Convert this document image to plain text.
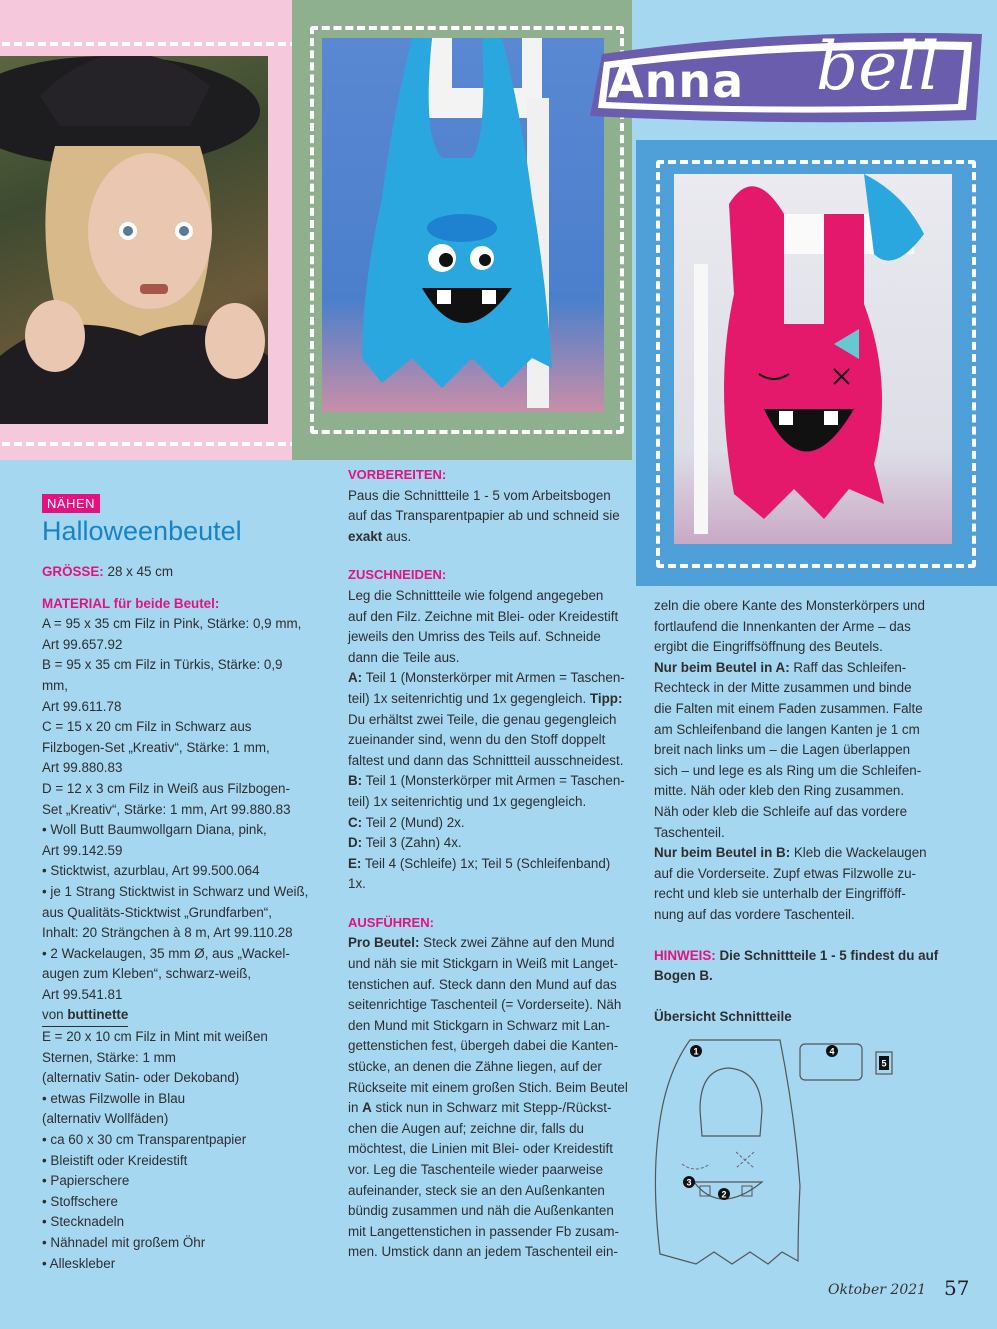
Anna bell
NÄHEN
Halloweenbeutel

GRÖSSE: 28 x 45 cm

MATERIAL für beide Beutel:

A = 95 x 35 cm Filz in Pink, Stärke: 0,9 mm,

Art 99.657.92

B = 95 x 35 cm Filz in Türkis, Stärke: 0,9 mm,

Art 99.611.78

C = 15 x 20 cm Filz in Schwarz aus

Filzbogen-Set „Kreativ“, Stärke: 1 mm,

Art 99.880.83

D = 12 x 3 cm Filz in Weiß aus Filzbogen-

Set „Kreativ“, Stärke: 1 mm, Art 99.880.83

• Woll Butt Baumwollgarn Diana, pink,

Art 99.142.59

• Sticktwist, azurblau, Art 99.500.064

• je 1 Strang Sticktwist in Schwarz und Weiß,

aus Qualitäts-Sticktwist „Grundfarben“,

Inhalt: 20 Strängchen à 8 m, Art 99.110.28

• 2 Wackelaugen, 35 mm Ø, aus „Wackel-

augen zum Kleben“, schwarz-weiß,

Art 99.541.81

von buttinette

E = 20 x 10 cm Filz in Mint mit weißen

Sternen, Stärke: 1 mm

(alternativ Satin- oder Dekoband)

• etwas Filzwolle in Blau

(alternativ Wollfäden)

• ca 60 x 30 cm Transparentpapier

• Bleistift oder Kreidestift

• Papierschere

• Stoffschere

• Stecknadeln

• Nähnadel mit großem Öhr

• Alleskleber

VORBEREITEN:

Paus die Schnittteile 1 - 5 vom Arbeitsbogen

auf das Transparentpapier ab und schneid sie

exakt aus.

ZUSCHNEIDEN:

Leg die Schnittteile wie folgend angegeben

auf den Filz. Zeichne mit Blei- oder Kreidestift

jeweils den Umriss des Teils auf. Schneide

dann die Teile aus.

A: Teil 1 (Monsterkörper mit Armen = Taschen-

teil) 1x seitenrichtig und 1x gegengleich. Tipp:

Du erhältst zwei Teile, die genau gegengleich

zueinander sind, wenn du den Stoff doppelt

faltest und dann das Schnittteil ausschneidest.

B: Teil 1 (Monsterkörper mit Armen = Taschen-

teil) 1x seitenrichtig und 1x gegengleich.

C: Teil 2 (Mund) 2x.

D: Teil 3 (Zahn) 4x.

E: Teil 4 (Schleife) 1x; Teil 5 (Schleifenband)

1x.

AUSFÜHREN:

Pro Beutel: Steck zwei Zähne auf den Mund

und näh sie mit Stickgarn in Weiß mit Langet-

tenstichen auf. Steck dann den Mund auf das

seitenrichtige Taschenteil (= Vorderseite). Näh

den Mund mit Stickgarn in Schwarz mit Lan-

gettenstichen fest, übergeh dabei die Kanten-

stücke, an denen die Zähne liegen, auf der

Rückseite mit einem großen Stich. Beim Beutel

in A stick nun in Schwarz mit Stepp-/Rückst-

chen die Augen auf; zeichne dir, falls du

möchtest, die Linien mit Blei- oder Kreidestift

vor. Leg die Taschenteile wieder paarweise

aufeinander, steck sie an den Außenkanten

bündig zusammen und näh die Außenkanten

mit Langettenstichen in passender Fb zusam-

men. Umstick dann an jedem Taschenteil ein-

zeln die obere Kante des Monsterkörpers und

fortlaufend die Innenkanten der Arme – das

ergibt die Eingriffsöffnung des Beutels.

Nur beim Beutel in A: Raff das Schleifen-

Rechteck in der Mitte zusammen und binde

die Falten mit einem Faden zusammen. Falte

am Schleifenband die langen Kanten je 1 cm

breit nach links um – die Lagen überlappen

sich – und lege es als Ring um die Schleifen-

mitte. Näh oder kleb den Ring zusammen.

Näh oder kleb die Schleife auf das vordere

Taschenteil.

Nur beim Beutel in B: Kleb die Wackelaugen

auf die Vorderseite. Zupf etwas Filzwolle zu-

recht und kleb sie unterhalb der Eingrifföff-

nung auf das vordere Taschenteil.

HINWEIS: Die Schnittteile 1 - 5 findest du auf

Bogen B.

Übersicht Schnittteile

1	4
5
3
2
Oktober 2021 57
